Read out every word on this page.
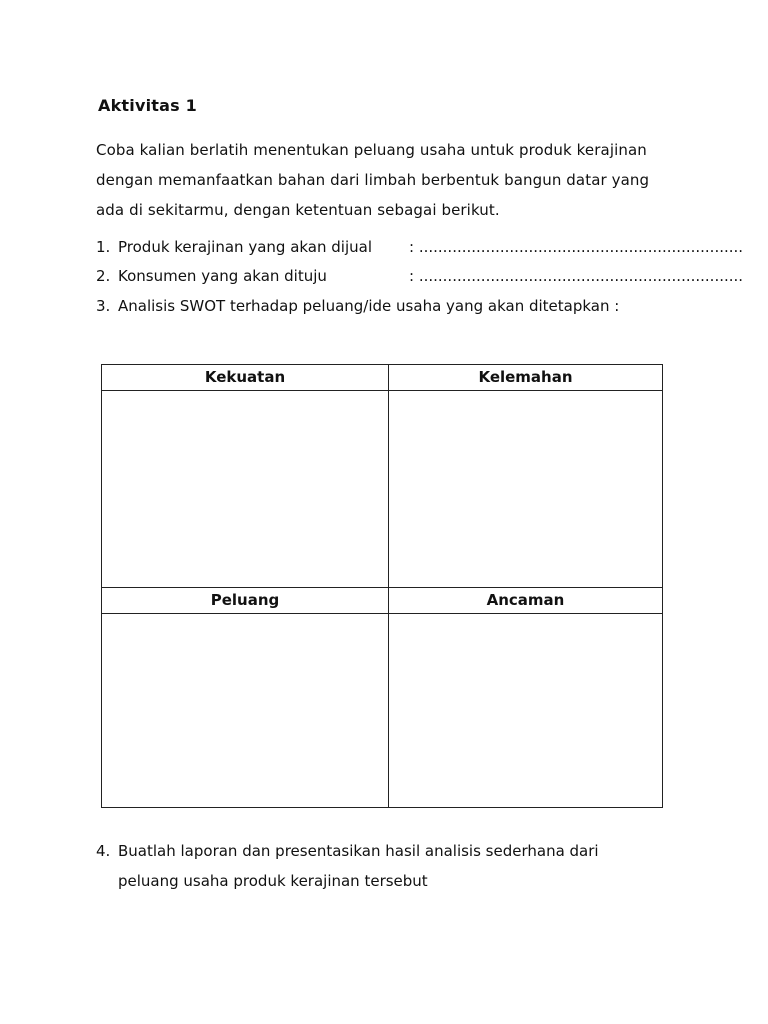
Aktivitas 1
Coba kalian berlatih menentukan peluang usaha untuk produk kerajinan
dengan memanfaatkan bahan dari limbah berbentuk bangun datar yang
ada di sekitarmu, dengan ketentuan sebagai berikut.
1. Produk kerajinan yang akan dijual : ....................................................................
2. Konsumen yang akan dituju	: ....................................................................
3. Analisis SWOT terhadap peluang/ide usaha yang akan ditetapkan :
Kekuatan	Kelemahan

Peluang	Ancaman

4. Buatlah laporan dan presentasikan hasil analisis sederhana dari
peluang usaha produk kerajinan tersebut
